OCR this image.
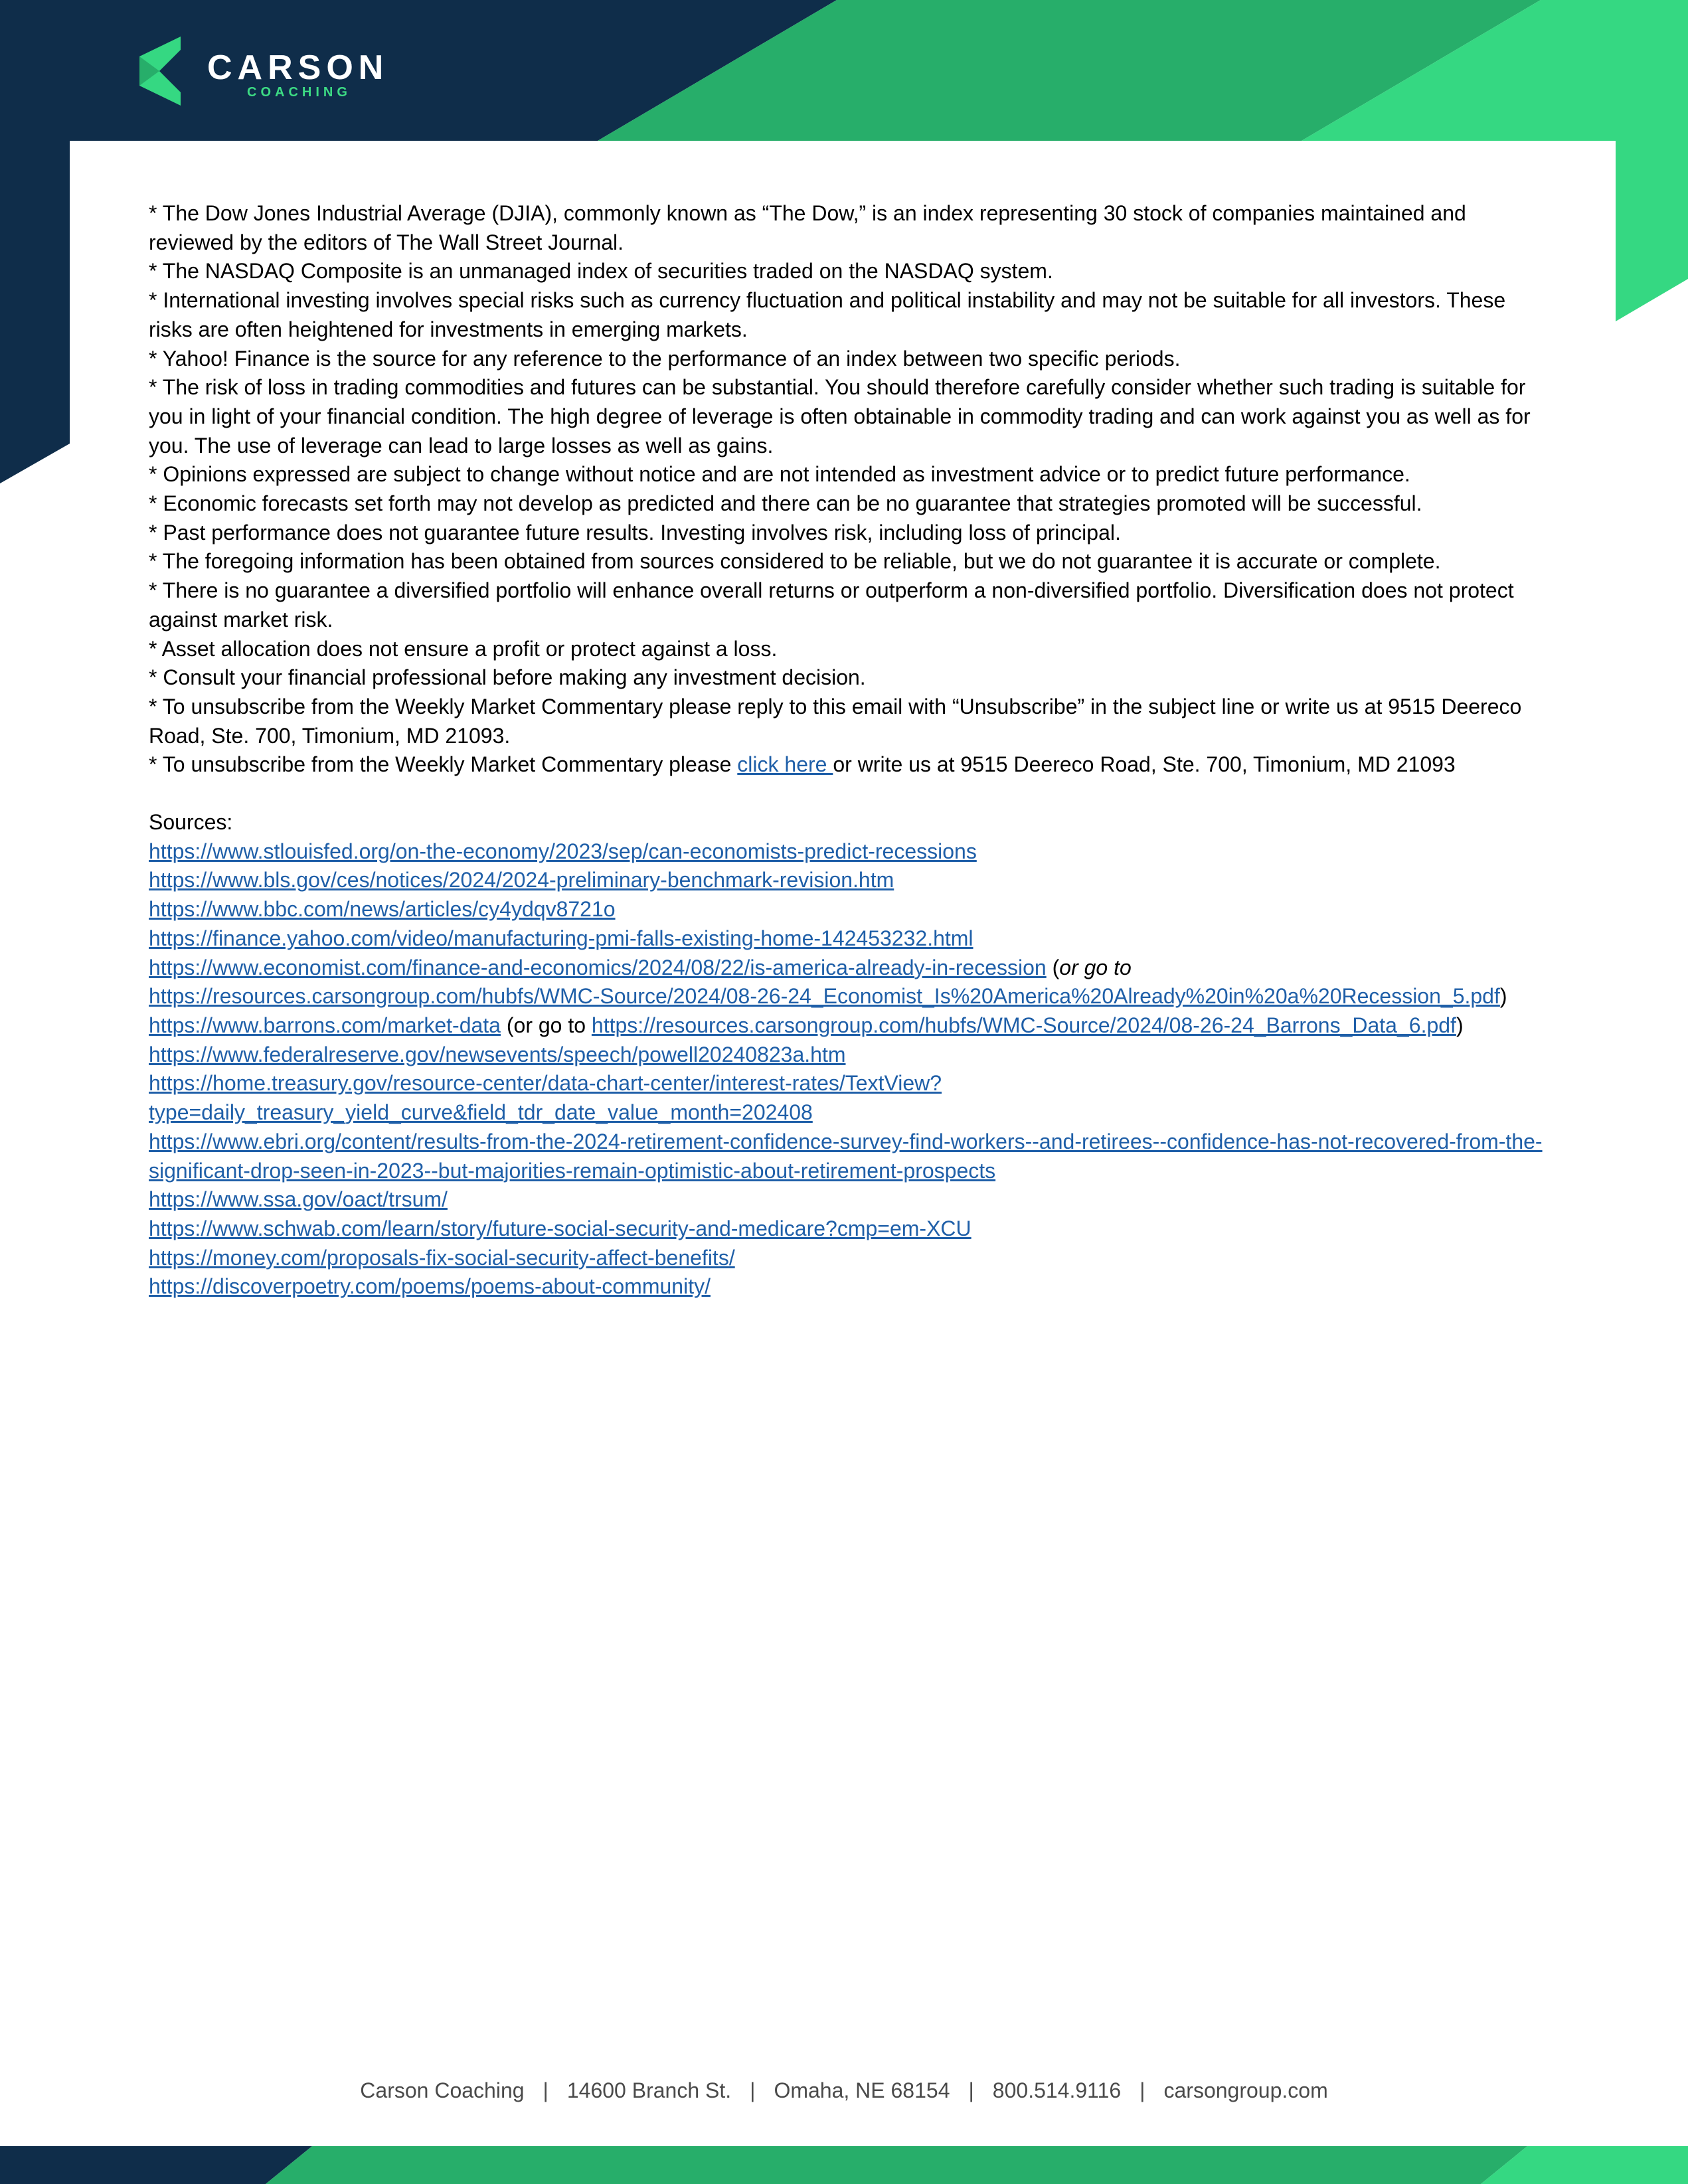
CARSON
COACHING

* The Dow Jones Industrial Average (DJIA), commonly known as “The Dow,” is an index representing 30 stock of companies maintained and reviewed by the editors of The Wall Street Journal.

* The NASDAQ Composite is an unmanaged index of securities traded on the NASDAQ system.

* International investing involves special risks such as currency fluctuation and political instability and may not be suitable for all investors. These risks are often heightened for investments in emerging markets.

* Yahoo! Finance is the source for any reference to the performance of an index between two specific periods.

* The risk of loss in trading commodities and futures can be substantial. You should therefore carefully consider whether such trading is suitable for you in light of your financial condition. The high degree of leverage is often obtainable in commodity trading and can work against you as well as for you. The use of leverage can lead to large losses as well as gains.

* Opinions expressed are subject to change without notice and are not intended as investment advice or to predict future performance.

* Economic forecasts set forth may not develop as predicted and there can be no guarantee that strategies promoted will be successful.

* Past performance does not guarantee future results. Investing involves risk, including loss of principal.

* The foregoing information has been obtained from sources considered to be reliable, but we do not guarantee it is accurate or complete.

* There is no guarantee a diversified portfolio will enhance overall returns or outperform a non-diversified portfolio. Diversification does not protect against market risk.

* Asset allocation does not ensure a profit or protect against a loss.

* Consult your financial professional before making any investment decision.

* To unsubscribe from the Weekly Market Commentary please reply to this email with “Unsubscribe” in the subject line or write us at 9515 Deereco Road, Ste. 700, Timonium, MD 21093.

* To unsubscribe from the Weekly Market Commentary please click here or write us at 9515 Deereco Road, Ste. 700, Timonium, MD 21093

Sources:

https://www.stlouisfed.org/on-the-economy/2023/sep/can-economists-predict-recessions
https://www.bls.gov/ces/notices/2024/2024-preliminary-benchmark-revision.htm
https://www.bbc.com/news/articles/cy4ydqv8721o
https://finance.yahoo.com/video/manufacturing-pmi-falls-existing-home-142453232.html

https://www.economist.com/finance-and-economics/2024/08/22/is-america-already-in-recession (or go to https://resources.carsongroup.com/hubfs/WMC-Source/2024/08-26-24_Economist_Is%20America%20Already%20in%20a%20Recession_5.pdf)

https://www.barrons.com/market-data (or go to https://resources.carsongroup.com/hubfs/WMC-Source/2024/08-26-24_Barrons_Data_6.pdf)

https://www.federalreserve.gov/newsevents/speech/powell20240823a.htm
https://home.treasury.gov/resource-center/data-chart-center/interest-rates/TextView?type=daily_treasury_yield_curve&field_tdr_date_value_month=202408
https://www.ebri.org/content/results-from-the-2024-retirement-confidence-survey-find-workers--and-retirees--confidence-has-not-recovered-from-the-significant-drop-seen-in-2023--but-majorities-remain-optimistic-about-retirement-prospects
https://www.ssa.gov/oact/trsum/
https://www.schwab.com/learn/story/future-social-security-and-medicare?cmp=em-XCU
https://money.com/proposals-fix-social-security-affect-benefits/
https://discoverpoetry.com/poems/poems-about-community/
Carson Coaching | 14600 Branch St. | Omaha, NE 68154 | 800.514.9116 | carsongroup.com
